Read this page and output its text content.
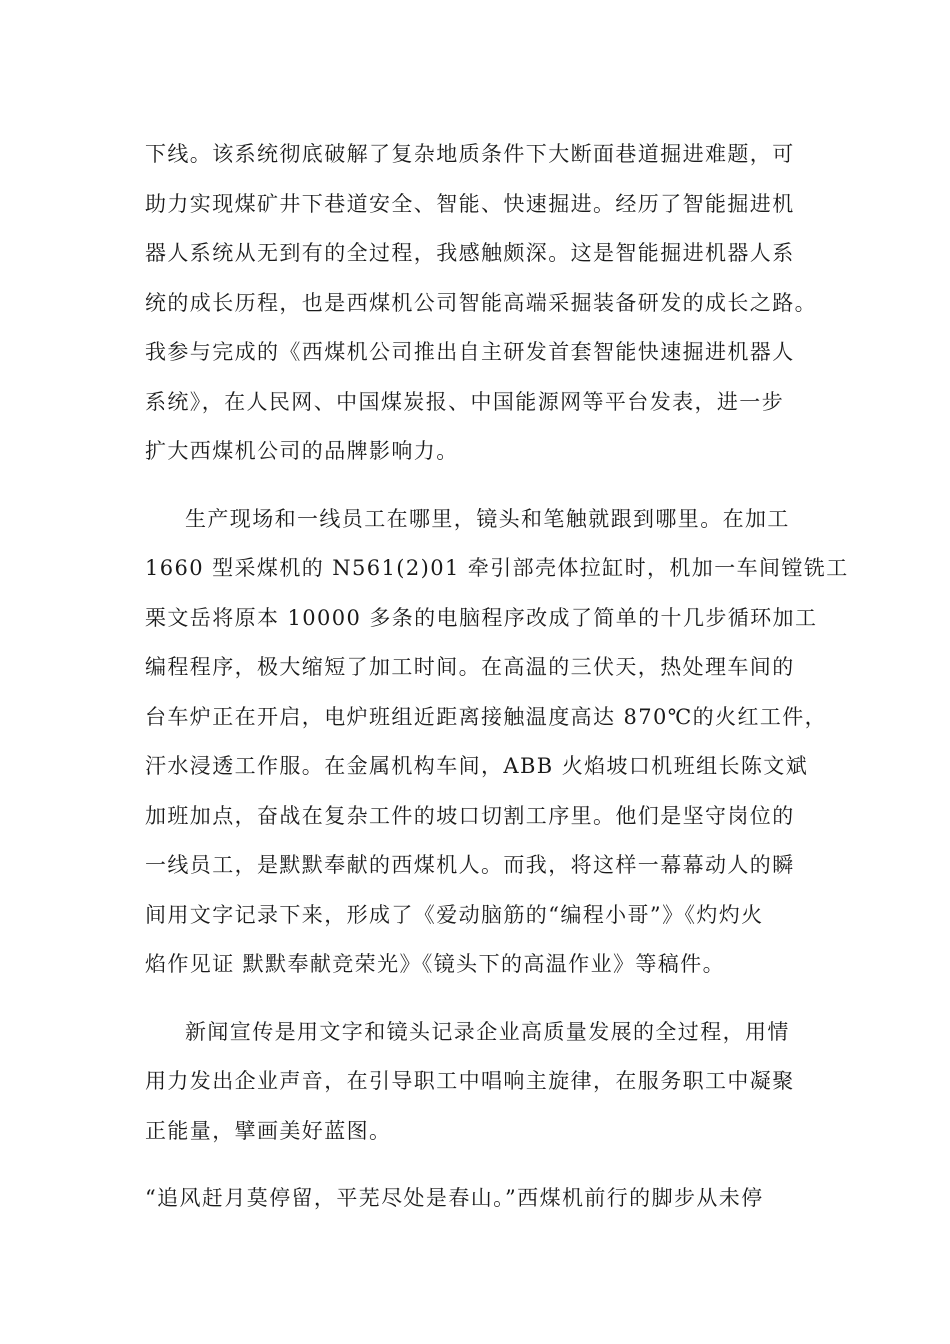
下线。该系统彻底破解了复杂地质条件下大断面巷道掘进难题，可
助力实现煤矿井下巷道安全、智能、快速掘进。经历了智能掘进机
器人系统从无到有的全过程，我感触颇深。这是智能掘进机器人系
统的成长历程，也是西煤机公司智能高端采掘装备研发的成长之路。
我参与完成的《西煤机公司推出自主研发首套智能快速掘进机器人
系统》，在人民网、中国煤炭报、中国能源网等平台发表，进一步
扩大西煤机公司的品牌影响力。

生产现场和一线员工在哪里，镜头和笔触就跟到哪里。在加工
1660 型采煤机的 N561(2)01 牵引部壳体拉缸时，机加一车间镗铣工
栗文岳将原本 10000 多条的电脑程序改成了简单的十几步循环加工
编程程序，极大缩短了加工时间。在高温的三伏天，热处理车间的
台车炉正在开启，电炉班组近距离接触温度高达 870℃的火红工件，
汗水浸透工作服。在金属机构车间，ABB 火焰坡口机班组长陈文斌
加班加点，奋战在复杂工件的坡口切割工序里。他们是坚守岗位的
一线员工，是默默奉献的西煤机人。而我，将这样一幕幕动人的瞬
间用文字记录下来，形成了《爱动脑筋的“编程小哥”》《灼灼火
焰作见证 默默奉献竞荣光》《镜头下的高温作业》等稿件。

新闻宣传是用文字和镜头记录企业高质量发展的全过程，用情
用力发出企业声音，在引导职工中唱响主旋律，在服务职工中凝聚
正能量，擘画美好蓝图。

“追风赶月莫停留，平芜尽处是春山。”西煤机前行的脚步从未停
